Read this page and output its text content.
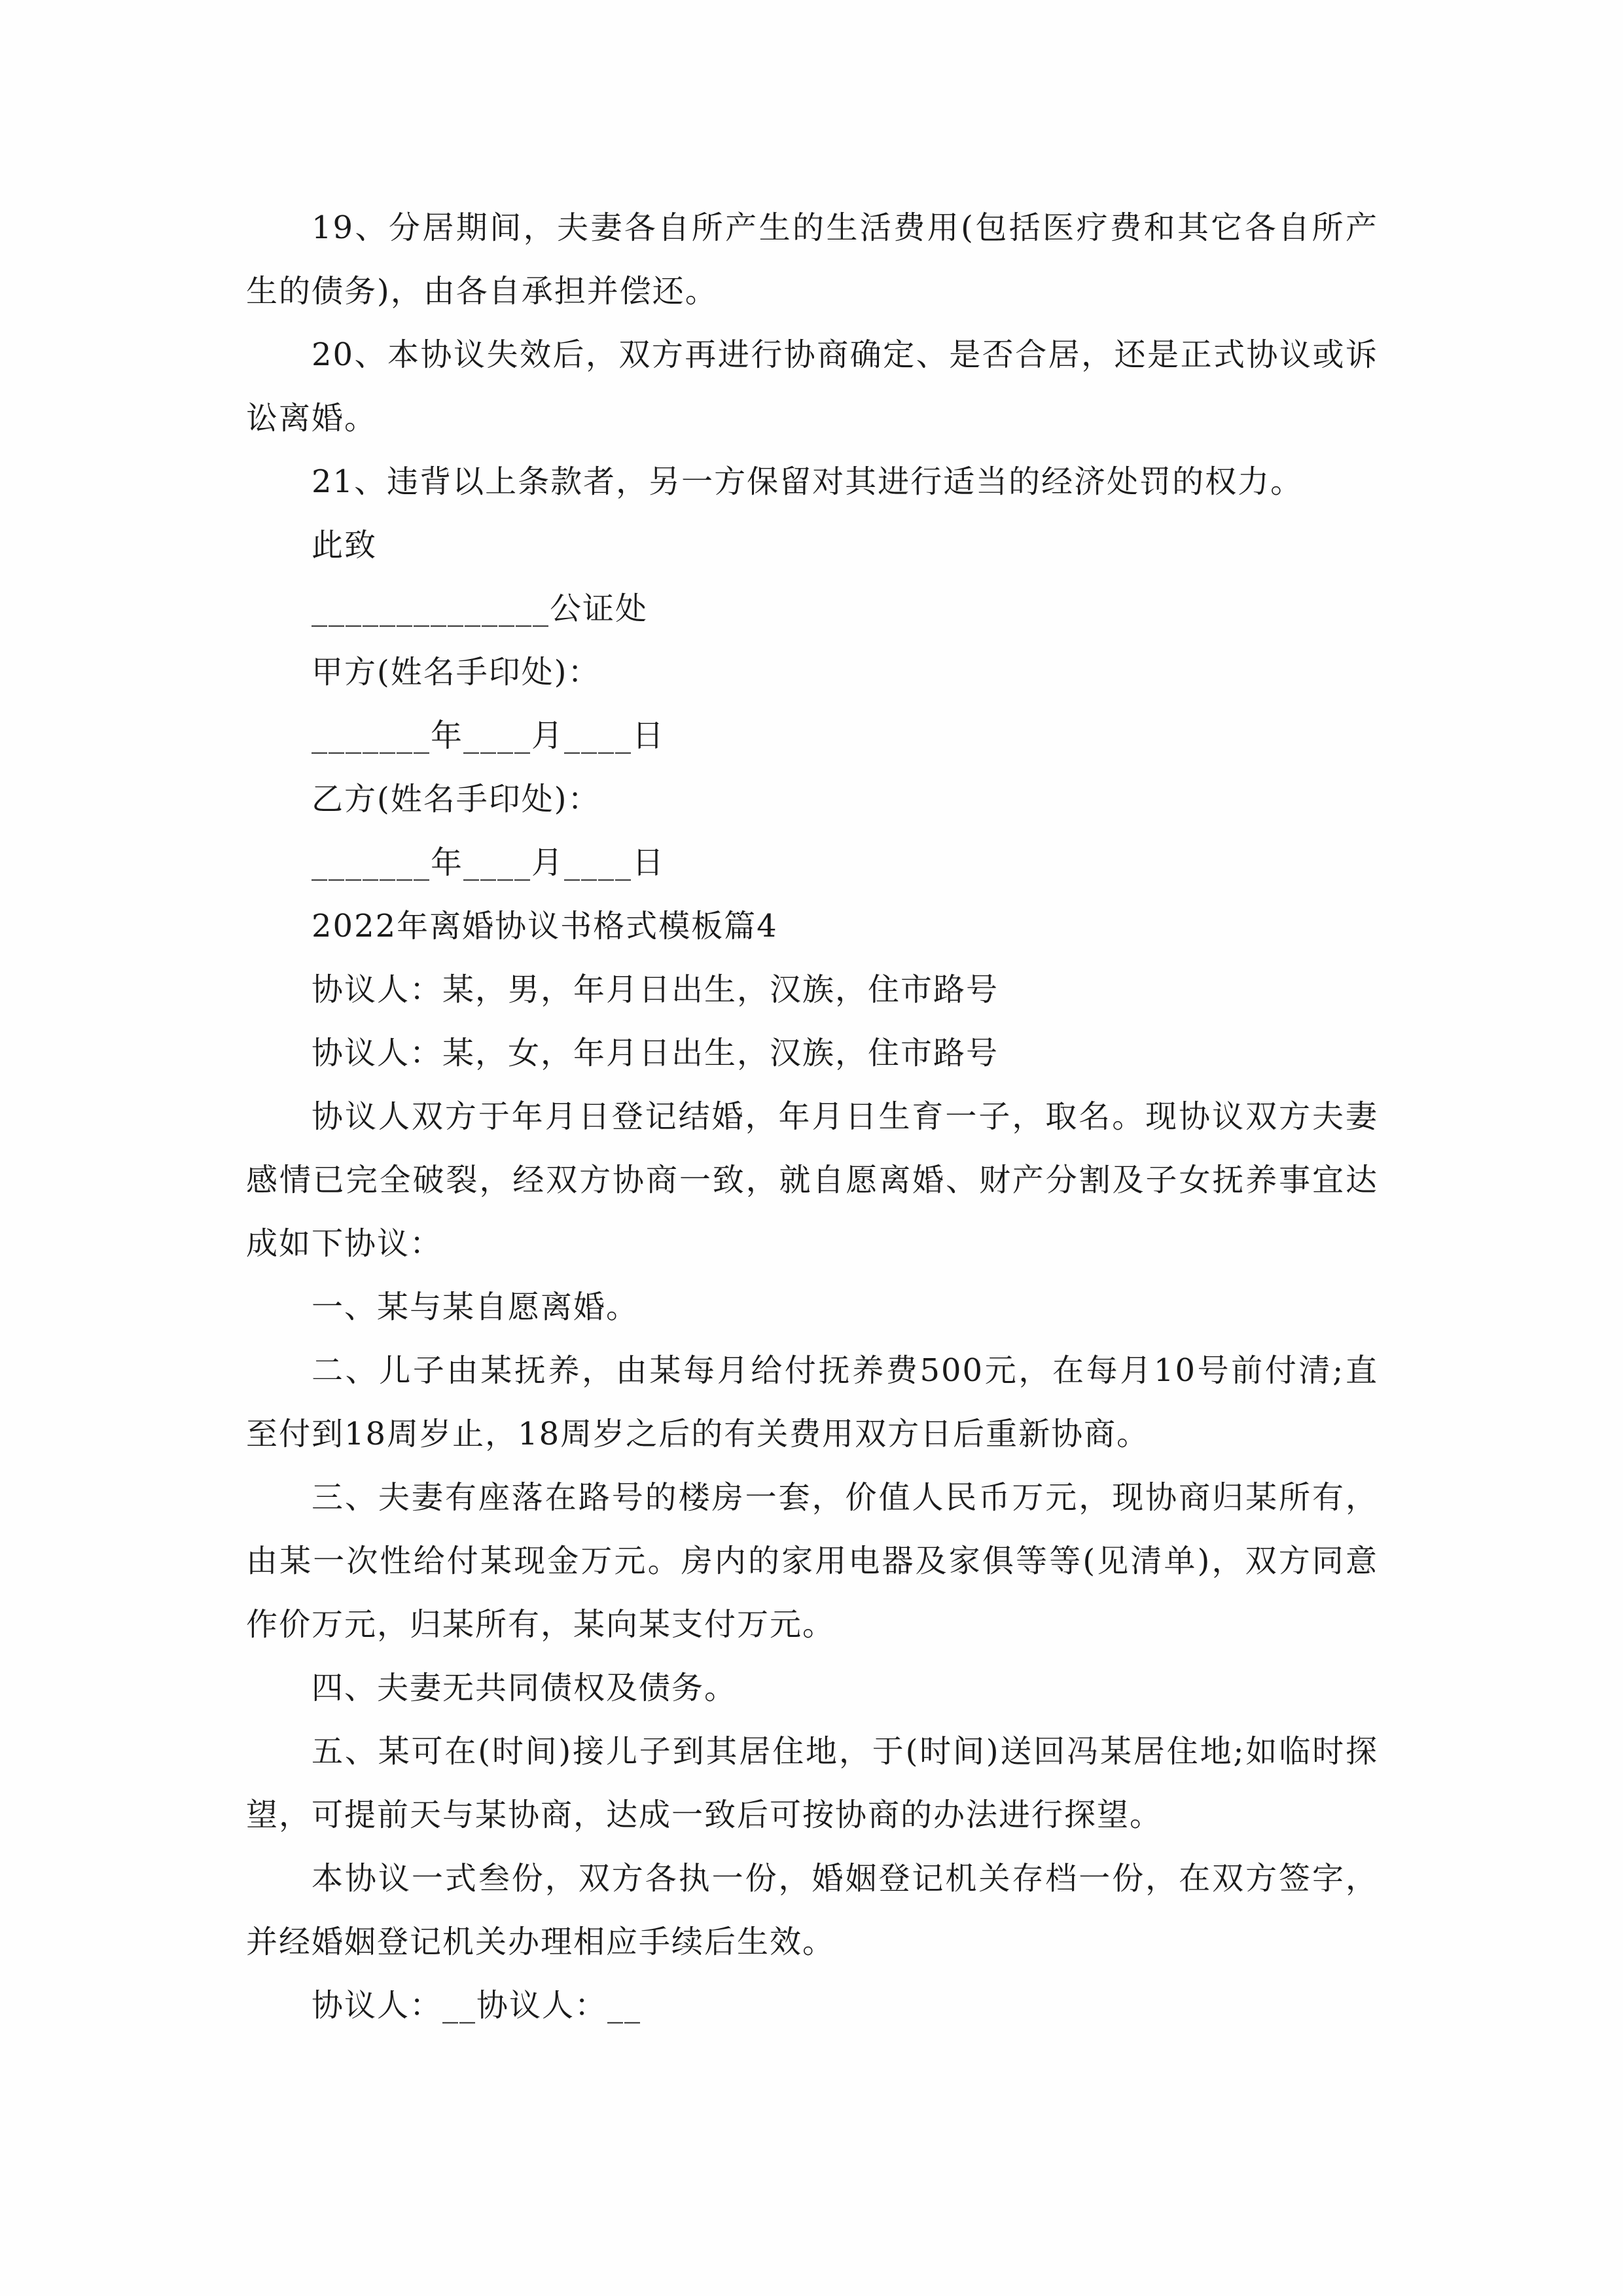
19、分居期间，夫妻各自所产生的生活费用(包括医疗费和其它各自所产生的债务)，由各自承担并偿还。

20、本协议失效后，双方再进行协商确定、是否合居，还是正式协议或诉讼离婚。

21、违背以上条款者，另一方保留对其进行适当的经济处罚的权力。

此致

______________公证处

甲方(姓名手印处)：

_______年____月____日

乙方(姓名手印处)：

_______年____月____日

2022年离婚协议书格式模板篇4

协议人：某，男，年月日出生，汉族，住市路号

协议人：某，女，年月日出生，汉族，住市路号

协议人双方于年月日登记结婚，年月日生育一子，取名。现协议双方夫妻感情已完全破裂，经双方协商一致，就自愿离婚、财产分割及子女抚养事宜达成如下协议：

一、某与某自愿离婚。

二、儿子由某抚养，由某每月给付抚养费500元，在每月10号前付清;直至付到18周岁止，18周岁之后的有关费用双方日后重新协商。

三、夫妻有座落在路号的楼房一套，价值人民币万元，现协商归某所有，由某一次性给付某现金万元。房内的家用电器及家俱等等(见清单)，双方同意作价万元，归某所有，某向某支付万元。

四、夫妻无共同债权及债务。

五、某可在(时间)接儿子到其居住地，于(时间)送回冯某居住地;如临时探望，可提前天与某协商，达成一致后可按协商的办法进行探望。

本协议一式叁份，双方各执一份，婚姻登记机关存档一份，在双方签字，并经婚姻登记机关办理相应手续后生效。

协议人：__协议人：__
